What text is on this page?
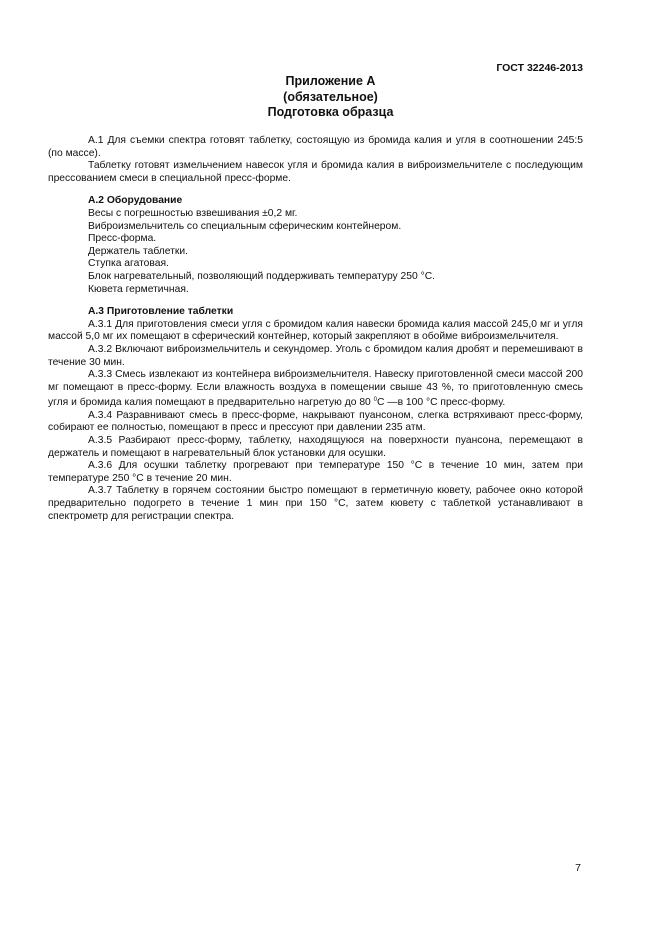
ГОСТ 32246-2013
Приложение А
(обязательное)
Подготовка образца

А.1 Для съемки спектра готовят таблетку, состоящую из бромида калия и угля в соотношении 245:5 (по массе).

Таблетку готовят измельчением навесок угля и бромида калия в виброизмельчителе с последующим прессованием смеси в специальной пресс-форме.

А.2 Оборудование

Весы с погрешностью взвешивания ±0,2 мг.

Виброизмельчитель со специальным сферическим контейнером.

Пресс-форма.

Держатель таблетки.

Ступка агатовая.

Блок нагревательный, позволяющий поддерживать температуру 250 °С.

Кювета герметичная.

А.3 Приготовление таблетки

А.3.1 Для приготовления смеси угля с бромидом калия навески бромида калия массой 245,0 мг и угля массой 5,0 мг их помещают в сферический контейнер, который закрепляют в обойме виброизмельчителя.

А.3.2 Включают виброизмельчитель и секундомер. Уголь с бромидом калия дробят и перемешивают в течение 30 мин.

А.3.3 Смесь извлекают из контейнера виброизмельчителя. Навеску приготовленной смеси массой 200 мг помещают в пресс-форму. Если влажность воздуха в помещении свыше 43 %, то приготовленную смесь угля и бромида калия помещают в предварительно нагретую до 80 $^0$С —в 100 °С пресс-форму.

А.3.4 Разравнивают смесь в пресс-форме, накрывают пуансоном, слегка встряхивают пресс-форму, собирают ее полностью, помещают в пресс и прессуют при давлении 235 атм.

А.3.5 Разбирают пресс-форму, таблетку, находящуюся на поверхности пуансона, перемещают в держатель и помещают в нагревательный блок установки для осушки.

А.3.6 Для осушки таблетку прогревают при температуре 150 °С в течение 10 мин, затем при температуре 250 °С в течение 20 мин.

А.3.7 Таблетку в горячем состоянии быстро помещают в герметичную кювету, рабочее окно которой предварительно подогрето в течение 1 мин при 150 °С, затем кювету с таблеткой устанавливают в спектрометр для регистрации спектра.

7
